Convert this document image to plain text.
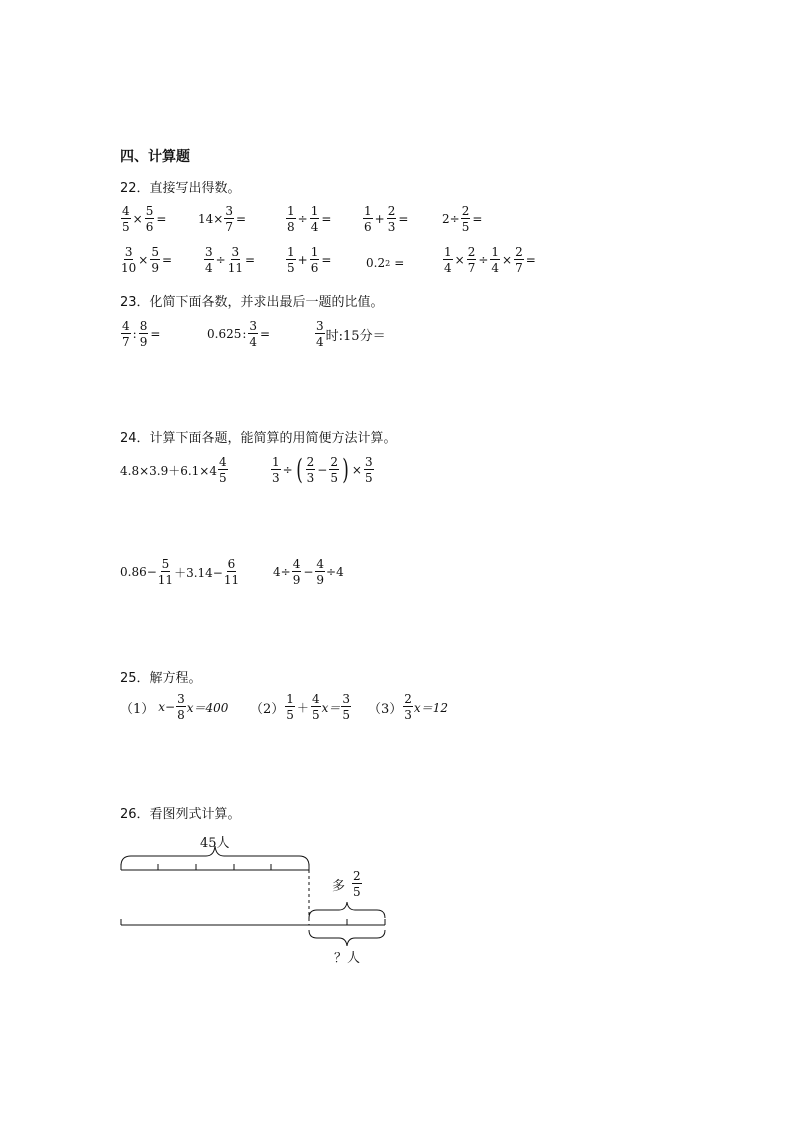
四、计算题
22．直接写出得数。
$\frac{4}{5} \times \frac{5}{6}$ =	$14\times \frac{3}{7}$ =	$\frac{1}{8} \div \frac{1}{4}$ =	$\frac{1}{6} + \frac{2}{3}$ =	$2\div \frac{2}{5}$ =
$\frac{3}{10} \times \frac{5}{9}$ =	$\frac{3}{4} \div \frac{3}{11}$ =	$\frac{1}{5} + \frac{1}{6}$ =	0.2 2 =	$\frac{1}{4} \times \frac{2}{7} \div \frac{1}{4} \times \frac{2}{7}$ =
23．化简下面各数，并求出最后一题的比值。
$\frac{4}{7}$ : $\frac{8}{9}$ =	0.625 : $\frac{3}{4}$ =	$\frac{3}{4}$ 时:15分＝
24．计算下面各题，能简算的用简便方法计算。
$4.8\times 3.9+6.1\times 4 \frac{4}{5}$	$\frac{1}{3}$ ÷ ( $\frac{2}{3} - \frac{2}{5}$ ) × $\frac{3}{5}$
$0.86- \frac{5}{11} +3.14- \frac{6}{11}$	$4\div \frac{4}{9} - \frac{4}{9} \div 4$
25．解方程。
（1） $x- \frac{3}{8} x=400$ $(2) \frac{1}{5} + \frac{4}{5} x= \frac{3}{5} (3) \frac{2}{3} x=12$
26．看图列式计算。
45人
多 $\frac{2}{5}$
？人
